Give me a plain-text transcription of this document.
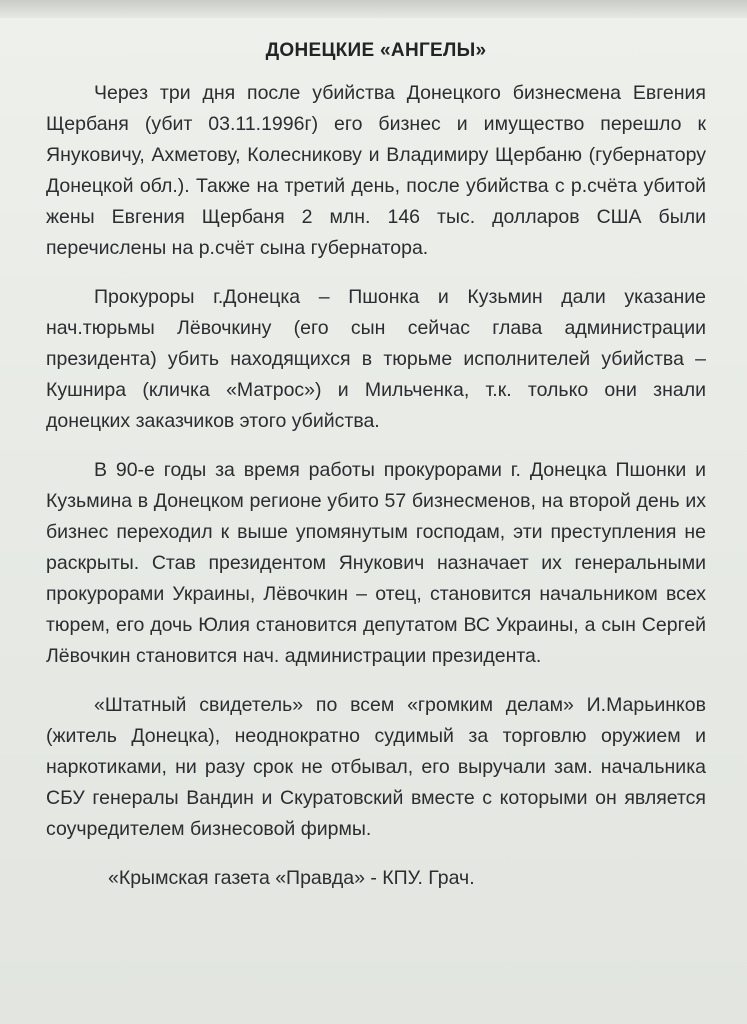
ДОНЕЦКИЕ «АНГЕЛЫ»

Через три дня после убийства Донецкого бизнесмена Евгения Щербаня (убит 03.11.1996г) его бизнес и имущество перешло к Януковичу, Ахметову, Колесникову и Владимиру Щербаню (губернатору Донецкой обл.). Также на третий день, после убийства с р.счёта убитой жены Евгения Щербаня 2 млн. 146 тыс. долларов США были перечислены на р.счёт сына губернатора.

Прокуроры г.Донецка – Пшонка и Кузьмин дали указание нач.тюрьмы Лёвочкину (его сын сейчас глава администрации президента) убить находящихся в тюрьме исполнителей убийства – Кушнира (кличка «Матрос») и Мильченка, т.к. только они знали донецких заказчиков этого убийства.

В 90-е годы за время работы прокурорами г. Донецка Пшонки и Кузьмина в Донецком регионе убито 57 бизнесменов, на второй день их бизнес переходил к выше упомянутым господам, эти преступления не раскрыты. Став президентом Янукович назначает их генеральными прокурорами Украины, Лёвочкин – отец, становится начальником всех тюрем, его дочь Юлия становится депутатом ВС Украины, а сын Сергей Лёвочкин становится нач. администрации президента.

«Штатный свидетель» по всем «громким делам» И.Марьинков (житель Донецка), неоднократно судимый за торговлю оружием и наркотиками, ни разу срок не отбывал, его выручали зам. начальника СБУ генералы Вандин и Скуратовский вместе с которыми он является соучредителем бизнесовой фирмы.

«Крымская газета «Правда» - КПУ. Грач.
